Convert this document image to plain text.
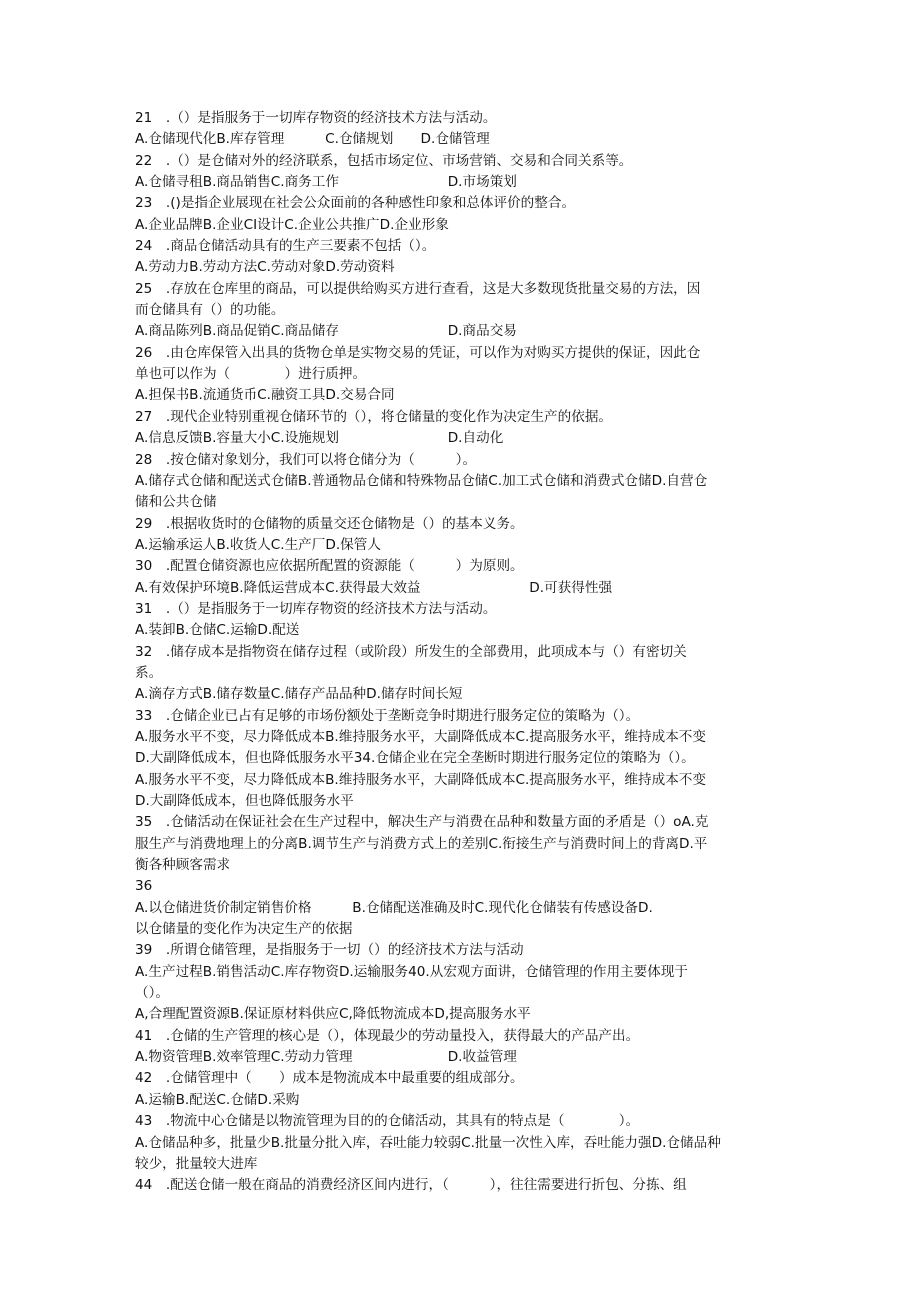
21　.（）是指服务于一切库存物资的经济技术方法与活动。
A.仓储现代化B.库存管理　　　C.仓储规划　　D.仓储管理
22　.（）是仓储对外的经济联系，包括市场定位、市场营销、交易和合同关系等。
A.仓储寻租B.商品销售C.商务工作　　　　　　　　D.市场策划
23　.()是指企业展现在社会公众面前的各种感性印象和总体评价的整合。
A.企业品牌B.企业CI设计C.企业公共推广D.企业形象
24　.商品仓储活动具有的生产三要素不包括（）。
A.劳动力B.劳动方法C.劳动对象D.劳动资料
25　.存放在仓库里的商品，可以提供给购买方进行查看，这是大多数现货批量交易的方法，因
而仓储具有（）的功能。
A.商品陈列B.商品促销C.商品储存　　　　　　　　D.商品交易
26　.由仓库保管入出具的货物仓单是实物交易的凭证，可以作为对购买方提供的保证，因此仓
单也可以作为（　　　　）进行质押。
A.担保书B.流通货币C.融资工具D.交易合同
27　.现代企业特别重视仓储环节的（），将仓储量的变化作为决定生产的依据。
A.信息反馈B.容量大小C.设施规划　　　　　　　　D.自动化
28　.按仓储对象划分，我们可以将仓储分为（　　　）。
A.储存式仓储和配送式仓储B.普通物品仓储和特殊物品仓储C.加工式仓储和消费式仓储D.自营仓
储和公共仓储
29　.根据收货时的仓储物的质量交还仓储物是（）的基本义务。
A.运输承运人B.收货人C.生产厂D.保管人
30　.配置仓储资源也应依据所配置的资源能（　　　）为原则。
A.有效保护环境B.降低运营成本C.获得最大效益　　　　　　　　D.可获得性强
31　.（）是指服务于一切库存物资的经济技术方法与活动。
A.装卸B.仓储C.运输D.配送
32　.储存成本是指物资在储存过程（或阶段）所发生的全部费用，此项成本与（）有密切关
系。
A.滴存方式B.储存数量C.储存产品品种D.储存时间长短
33　.仓储企业已占有足够的市场份额处于垄断竞争时期进行服务定位的策略为（）。
A.服务水平不变，尽力降低成本B.维持服务水平，大副降低成本C.提高服务水平，维持成本不变
D.大副降低成本，但也降低服务水平34.仓储企业在完全垄断时期进行服务定位的策略为（）。
A.服务水平不变，尽力降低成本B.维持服务水平，大副降低成本C.提高服务水平，维持成本不变
D.大副降低成本，但也降低服务水平
35　.仓储活动在保证社会在生产过程中，解决生产与消费在品种和数量方面的矛盾是（）oA.克
服生产与消费地理上的分离B.调节生产与消费方式上的差别C.衔接生产与消费时间上的背离D.平
衡各种顾客需求
36
A.以仓储进货价制定销售价格　　　B.仓储配送准确及时C.现代化仓储装有传感设备D.
以仓储量的变化作为决定生产的依据
39　.所谓仓储管理，是指服务于一切（）的经济技术方法与活动
A.生产过程B.销售活动C.库存物资D.运输服务40.从宏观方面讲，仓储管理的作用主要体现于
（）。
A,合理配置资源B.保证原材料供应C,降低物流成本D,提高服务水平
41　.仓储的生产管理的核心是（），体现最少的劳动量投入，获得最大的产品产出。
A.物资管理B.效率管理C.劳动力管理　　　　　　　D.收益管理
42　.仓储管理中（　　）成本是物流成本中最重要的组成部分。
A.运输B.配送C.仓储D.采购
43　.物流中心仓储是以物流管理为目的的仓储活动，其具有的特点是（　　　　）。
A.仓储品种多，批量少B.批量分批入库，吞吐能力较弱C.批量一次性入库，吞吐能力强D.仓储品种
较少，批量较大进库
44　.配送仓储一般在商品的消费经济区间内进行，（　　　），往往需要进行折包、分拣、组
